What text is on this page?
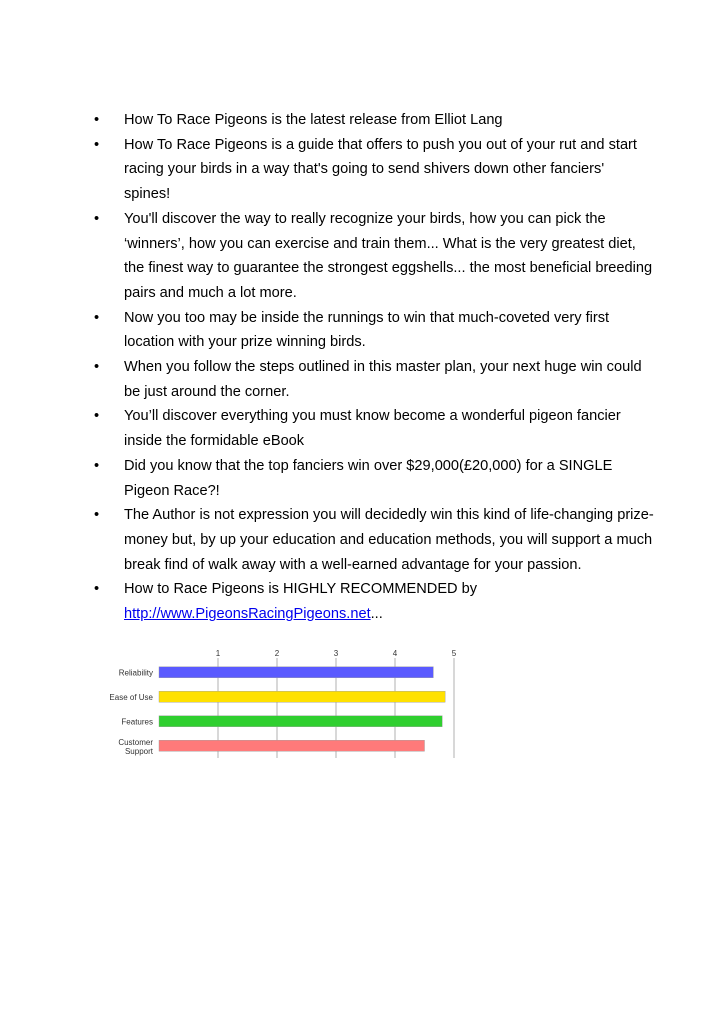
•	How To Race Pigeons is the latest release from Elliot Lang
•	How To Race Pigeons is a guide that offers to push you out of your rut and start racing your birds in a way that's going to send shivers down other fanciers' spines!
•	You'll discover the way to really recognize your birds, how you can pick the ‘winners’, how you can exercise and train them... What is the very greatest diet, the finest way to guarantee the strongest eggshells... the most beneficial breeding pairs and much a lot more.
•	Now you too may be inside the runnings to win that much-coveted very first location with your prize winning birds.
•	When you follow the steps outlined in this master plan, your next huge win could be just around the corner.
•	You’ll discover everything you must know become a wonderful pigeon fancier inside the formidable eBook
•	Did you know that the top fanciers win over $29,000(£20,000) for a SINGLE Pigeon Race?!
•	The Author is not expression you will decidedly win this kind of life-changing prize-money but, by up your education and education methods, you will support a much break find of walk away with a well-earned advantage for your passion.
•	How to Race Pigeons is HIGHLY RECOMMENDED by http://www.PigeonsRacingPigeons.net...
1	2	3	4	5
Reliability
Ease of Use
Features
Customer
Support
